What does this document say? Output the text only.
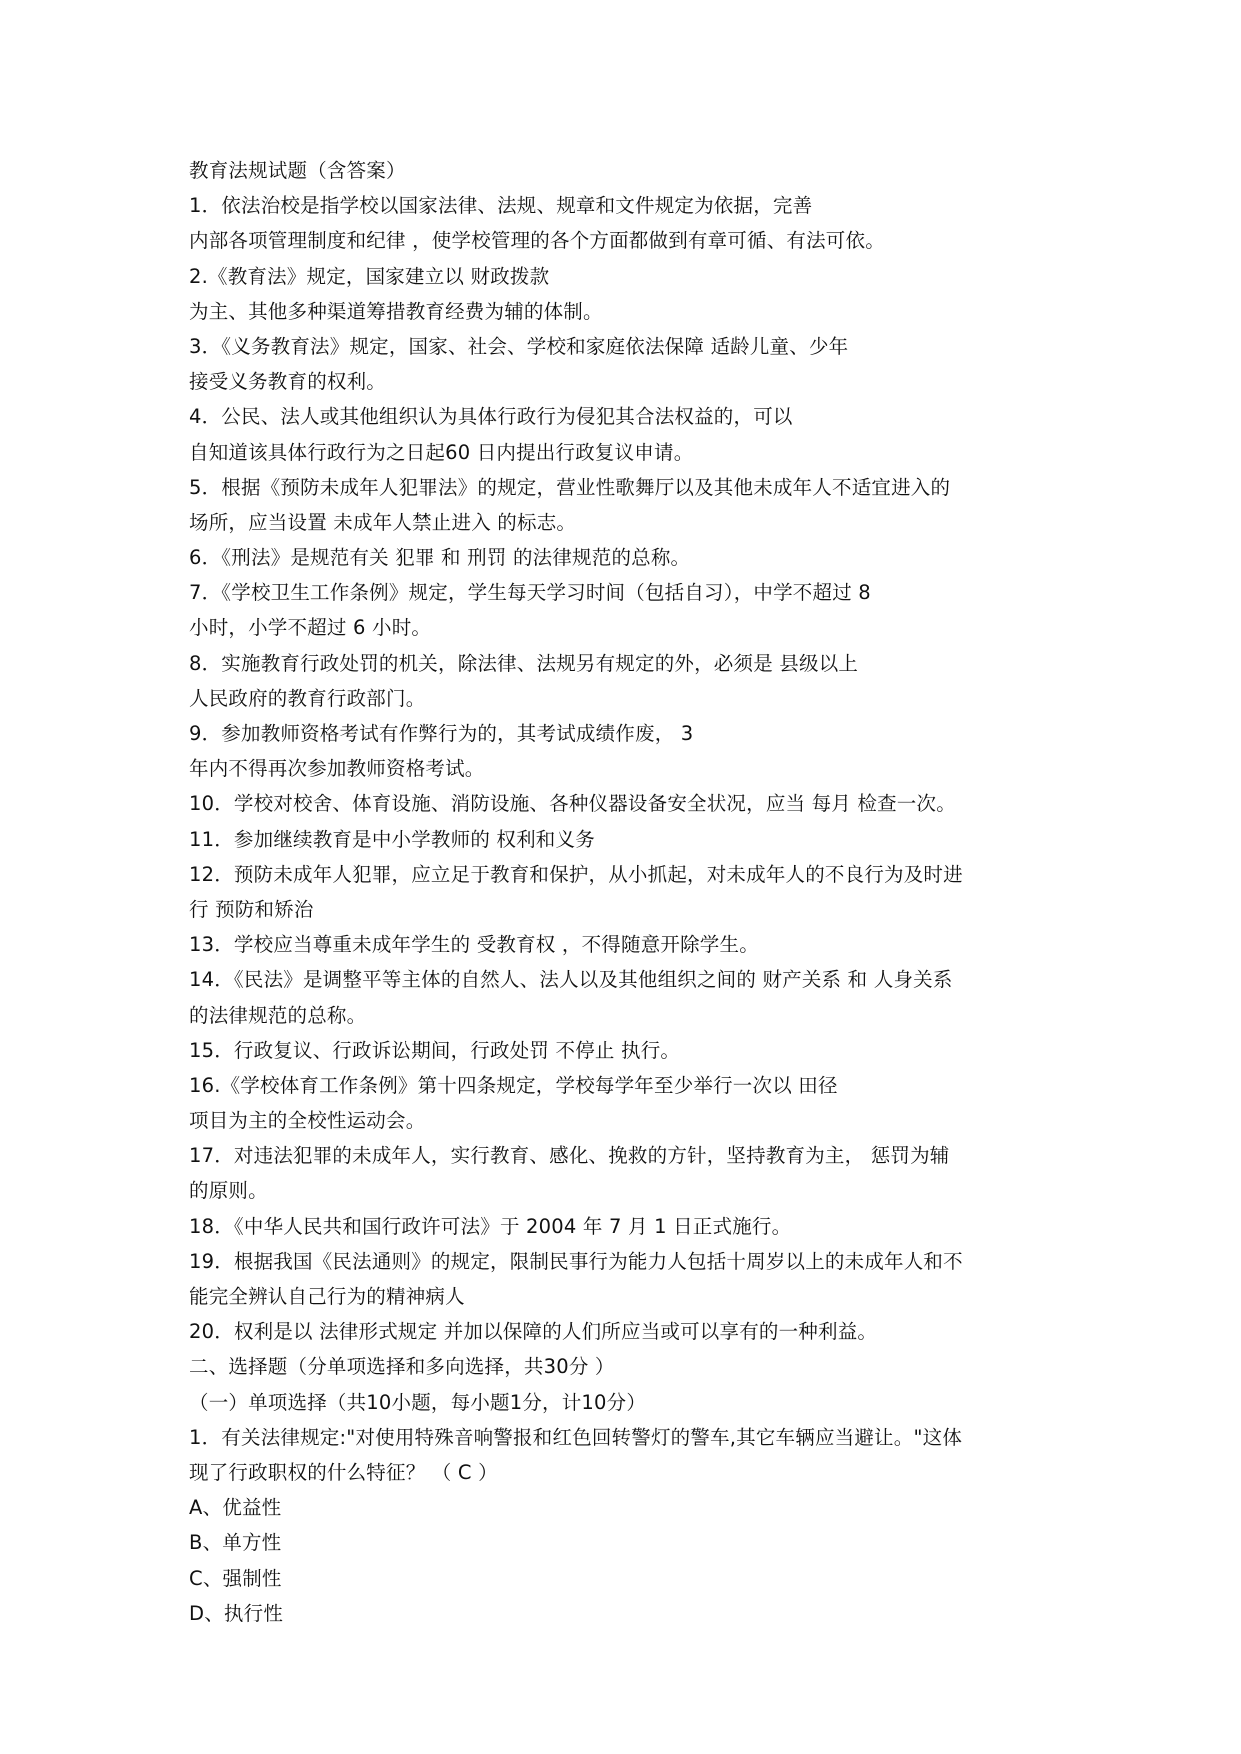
教育法规试题（含答案）
1．依法治校是指学校以国家法律、法规、规章和文件规定为依据，完善
内部各项管理制度和纪律 ，使学校管理的各个方面都做到有章可循、有法可依。
2.《教育法》规定，国家建立以 财政拨款
为主、其他多种渠道筹措教育经费为辅的体制。
3．《义务教育法》规定，国家、社会、学校和家庭依法保障 适龄儿童、少年
接受义务教育的权利。
4．公民、法人或其他组织认为具体行政行为侵犯其合法权益的，可以
自知道该具体行政行为之日起60 日内提出行政复议申请。
5．根据《预防未成年人犯罪法》的规定，营业性歌舞厅以及其他未成年人不适宜进入的
场所，应当设置 未成年人禁止进入 的标志。
6．《刑法》是规范有关 犯罪 和 刑罚 的法律规范的总称。
7．《学校卫生工作条例》规定，学生每天学习时间（包括自习），中学不超过 8
小时，小学不超过 6 小时。
8．实施教育行政处罚的机关，除法律、法规另有规定的外，必须是 县级以上
人民政府的教育行政部门。
9．参加教师资格考试有作弊行为的，其考试成绩作废， 3
年内不得再次参加教师资格考试。
10．学校对校舍、体育设施、消防设施、各种仪器设备安全状况，应当 每月 检查一次。
11．参加继续教育是中小学教师的 权利和义务
12．预防未成年人犯罪，应立足于教育和保护，从小抓起，对未成年人的不良行为及时进
行 预防和矫治
13．学校应当尊重未成年学生的 受教育权 ，不得随意开除学生。
14．《民法》是调整平等主体的自然人、法人以及其他组织之间的 财产关系 和 人身关系
的法律规范的总称。
15．行政复议、行政诉讼期间，行政处罚 不停止 执行。
16.《学校体育工作条例》第十四条规定，学校每学年至少举行一次以 田径
项目为主的全校性运动会。
17．对违法犯罪的未成年人，实行教育、感化、挽救的方针，坚持教育为主， 惩罚为辅
的原则。
18．《中华人民共和国行政许可法》于 2004 年 7 月 1 日正式施行。
19．根据我国《民法通则》的规定，限制民事行为能力人包括十周岁以上的未成年人和不
能完全辨认自己行为的精神病人
20．权利是以 法律形式规定 并加以保障的人们所应当或可以享有的一种利益。
二、选择题（分单项选择和多向选择，共30分 ）
（一）单项选择（共10小题，每小题1分，计10分）
1．有关法律规定:"对使用特殊音响警报和红色回转警灯的警车,其它车辆应当避让。"这体
现了行政职权的什么特征？ （ C ）
A、优益性
B、单方性
C、强制性
D、执行性
